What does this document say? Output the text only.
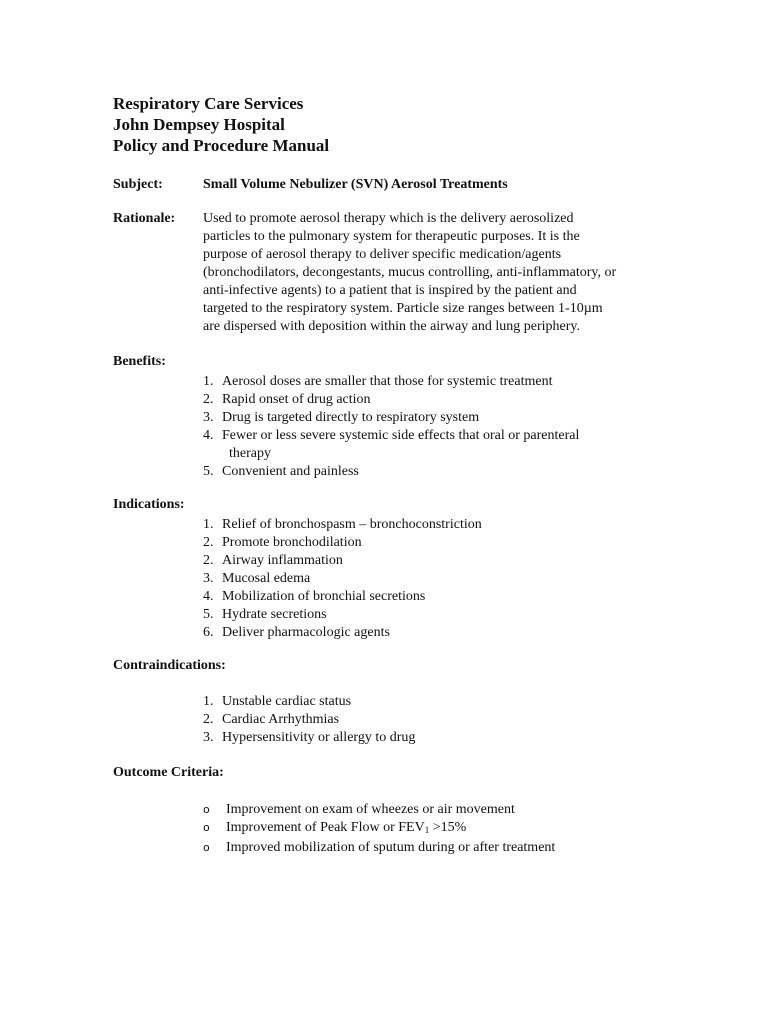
Respiratory Care Services
John Dempsey Hospital
Policy and Procedure Manual
Subject:	Small Volume Nebulizer (SVN) Aerosol Treatments
Rationale: Used to promote aerosol therapy which is the delivery aerosolized
particles to the pulmonary system for therapeutic purposes. It is the
purpose of aerosol therapy to deliver specific medication/agents
(bronchodilators, decongestants, mucus controlling, anti-inflammatory, or
anti-infective agents) to a patient that is inspired by the patient and
targeted to the respiratory system. Particle size ranges between 1-10µm
are dispersed with deposition within the airway and lung periphery.
Benefits:
1. Aerosol doses are smaller that those for systemic treatment
2. Rapid onset of drug action
3. Drug is targeted directly to respiratory system
4. Fewer or less severe systemic side effects that oral or parenteral
therapy
5. Convenient and painless
Indications:
1. Relief of bronchospasm – bronchoconstriction
2. Promote bronchodilation
2. Airway inflammation
3. Mucosal edema
4. Mobilization of bronchial secretions
5. Hydrate secretions
6. Deliver pharmacologic agents
Contraindications:
1. Unstable cardiac status
2. Cardiac Arrhythmias
3. Hypersensitivity or allergy to drug
Outcome Criteria:
o	Improvement on exam of wheezes or air movement
o	Improvement of Peak Flow or $FEV_1 >15\%$
o	Improved mobilization of sputum during or after treatment
